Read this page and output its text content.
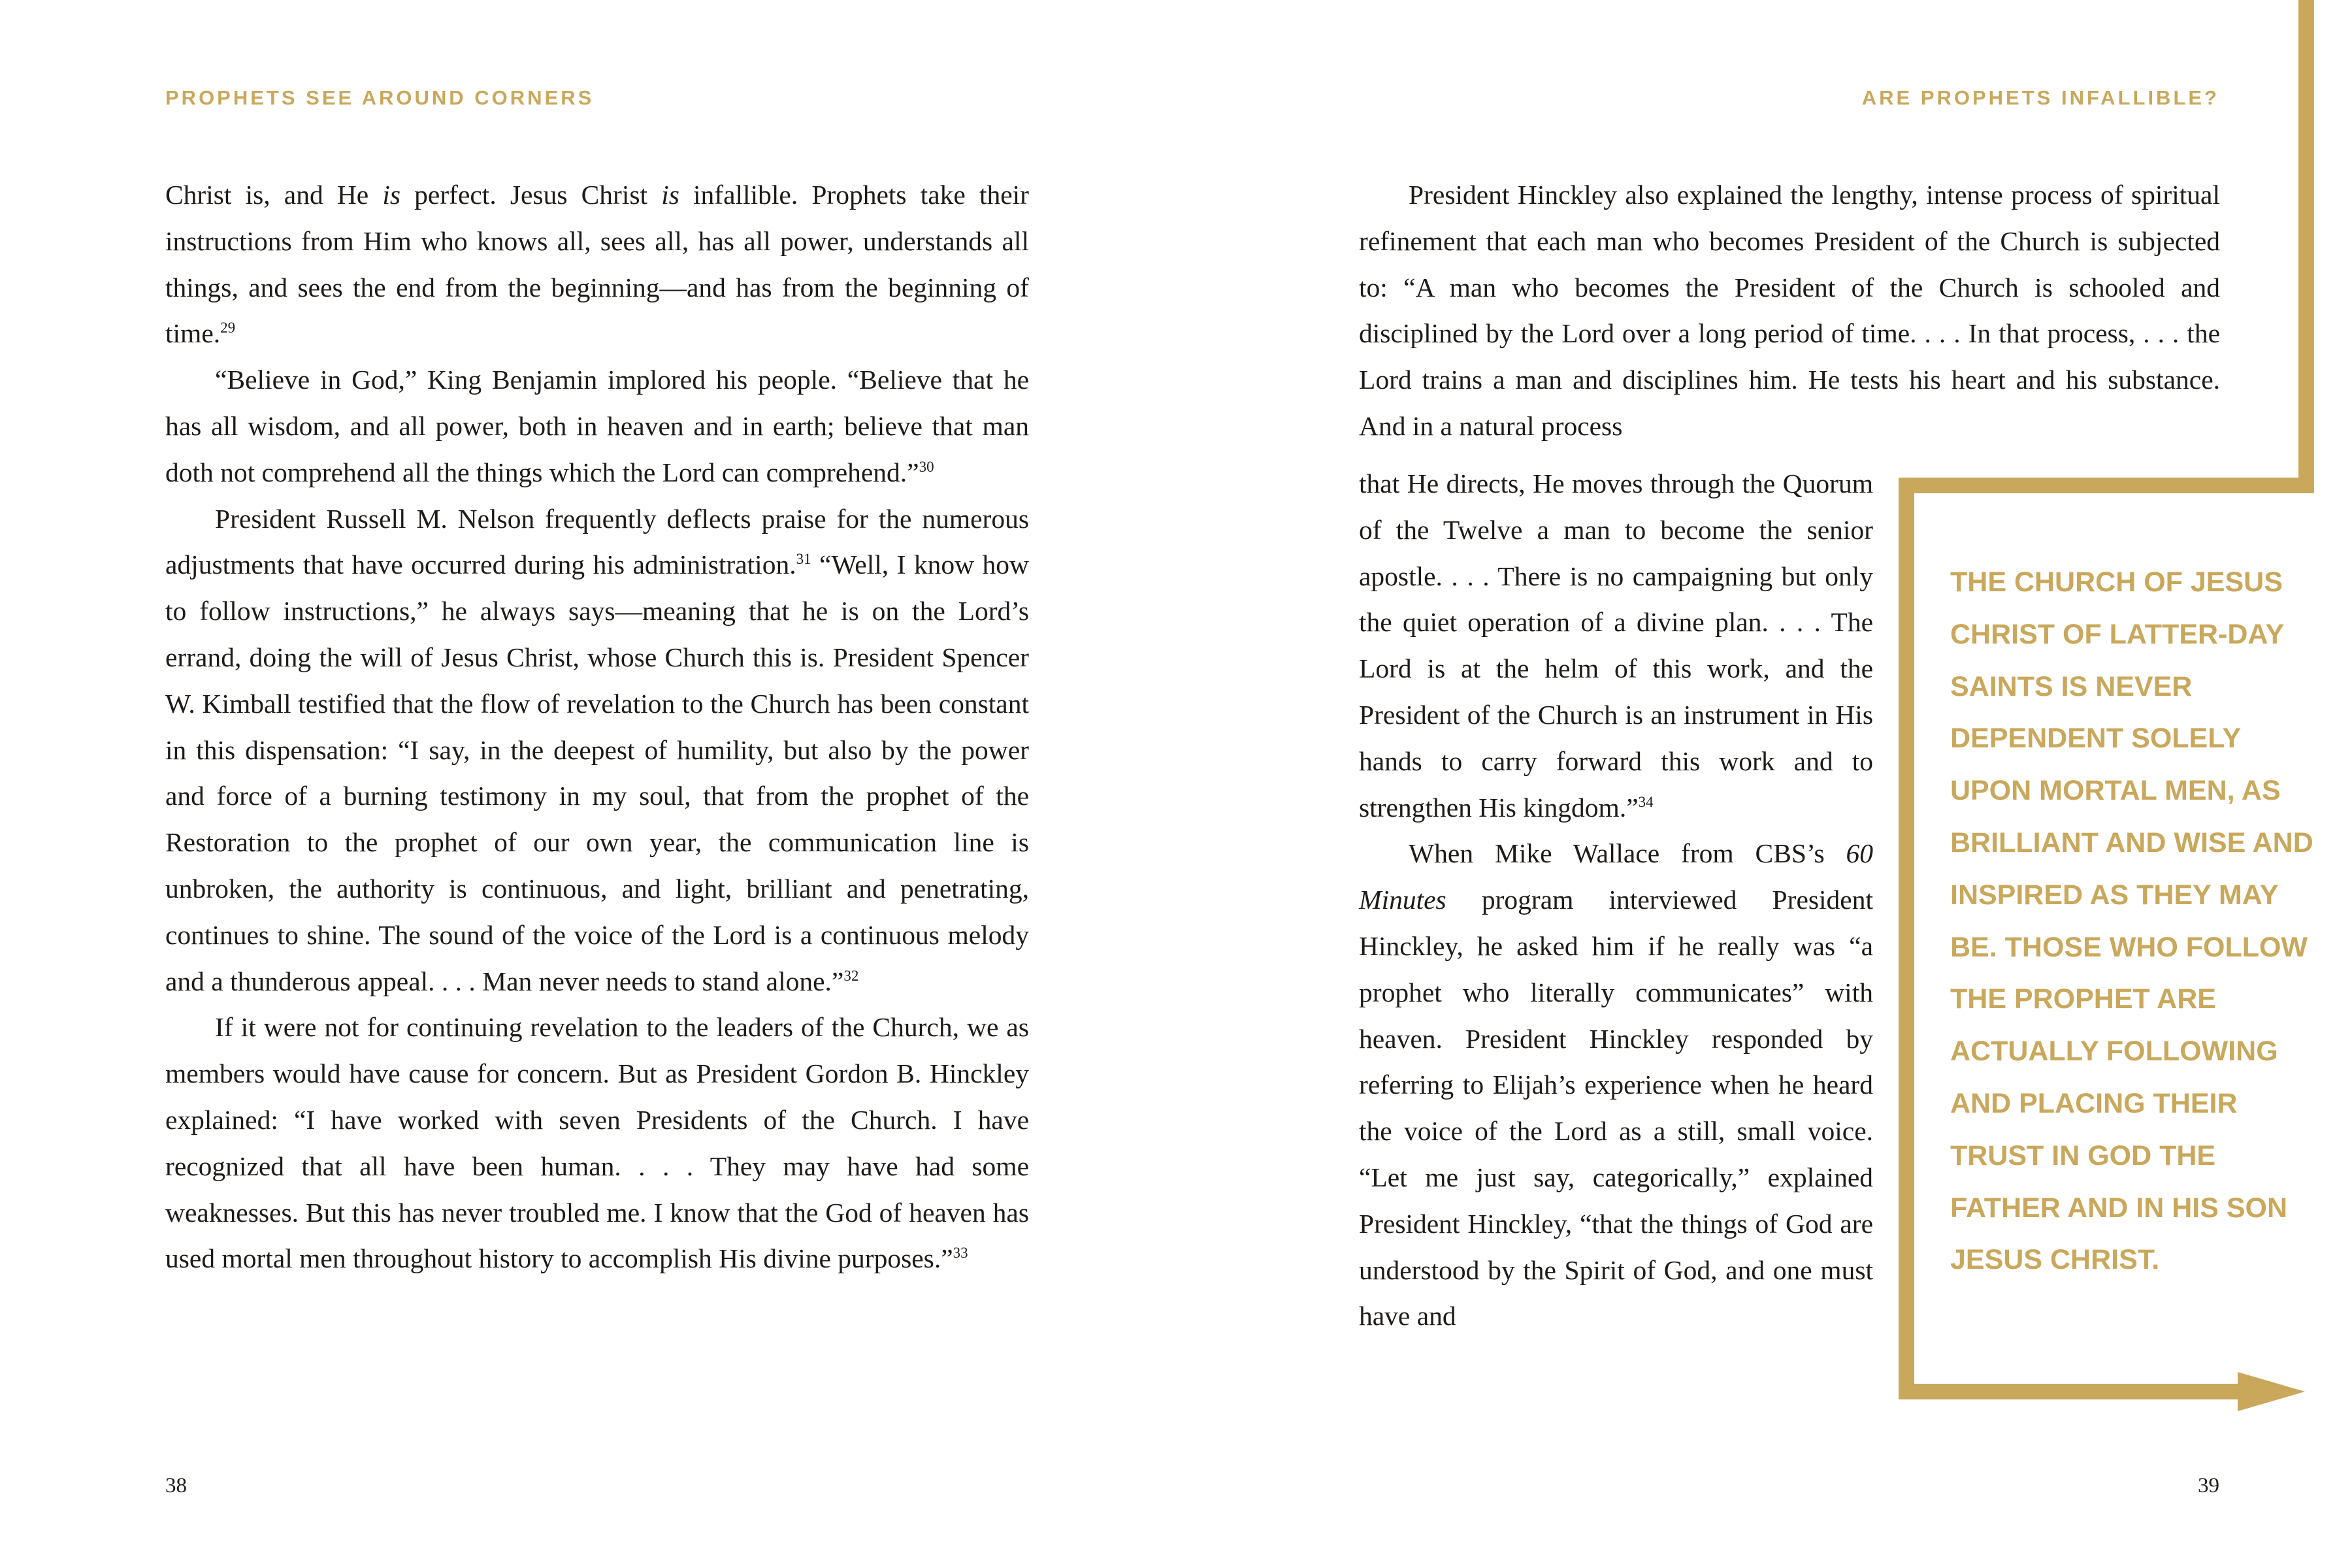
PROPHETS SEE AROUND CORNERS

Christ is, and He is perfect. Jesus Christ is infallible. Prophets take their instructions from Him who knows all, sees all, has all power, understands all things, and sees the end from the beginning—and has from the beginning of time.$^{29}$

“Believe in God,” King Benjamin implored his people. “Believe that he has all wisdom, and all power, both in heaven and in earth; believe that man doth not comprehend all the things which the Lord can comprehend.”$^{30}$

President Russell M. Nelson frequently deflects praise for the numerous adjustments that have occurred during his administration.$^{31}$ “Well, I know how to follow instructions,” he always says—meaning that he is on the Lord’s errand, doing the will of Jesus Christ, whose Church this is. President Spencer W. Kimball testified that the flow of revelation to the Church has been constant in this dispensation: “I say, in the deepest of humility, but also by the power and force of a burning testimony in my soul, that from the prophet of the Restoration to the prophet of our own year, the communication line is unbroken, the authority is continuous, and light, brilliant and penetrating, continues to shine. The sound of the voice of the Lord is a continuous melody and a thunderous appeal. . . . Man never needs to stand alone.”$^{32}$

If it were not for continuing revelation to the leaders of the Church, we as members would have cause for concern. But as President Gordon B. Hinckley explained: “I have worked with seven Presidents of the Church. I have recognized that all have been human. . . . They may have had some weaknesses. But this has never troubled me. I know that the God of heaven has used mortal men throughout history to accomplish His divine purposes.”$^{33}$

38
ARE PROPHETS INFALLIBLE?
39

President Hinckley also explained the lengthy, intense process of spiritual refinement that each man who becomes President of the Church is subjected to: “A man who becomes the President of the Church is schooled and disciplined by the Lord over a long period of time. . . . In that process, . . . the Lord trains a man and disciplines him. He tests his heart and his substance. And in a natural process

that He directs, He moves through the Quorum of the Twelve a man to become the senior apostle. . . . There is no campaigning but only the quiet operation of a divine plan. . . . The Lord is at the helm of this work, and the President of the Church is an instrument in His hands to carry forward this work and to strengthen His kingdom.”$^{34}$

When Mike Wallace from CBS’s 60 Minutes program interviewed President Hinckley, he asked him if he really was “a prophet who literally communicates” with heaven. President Hinckley responded by referring to Elijah’s experience when he heard the voice of the Lord as a still, small voice. “Let me just say, categorically,” explained President Hinckley, “that the things of God are understood by the Spirit of God, and one must have and

THE CHURCH OF JESUS CHRIST OF LATTER-DAY SAINTS IS NEVER DEPENDENT SOLELY UPON MORTAL MEN, AS BRILLIANT AND WISE AND INSPIRED AS THEY MAY BE. THOSE WHO FOLLOW THE PROPHET ARE ACTUALLY FOLLOWING AND PLACING THEIR TRUST IN GOD THE FATHER AND IN HIS SON JESUS CHRIST.
